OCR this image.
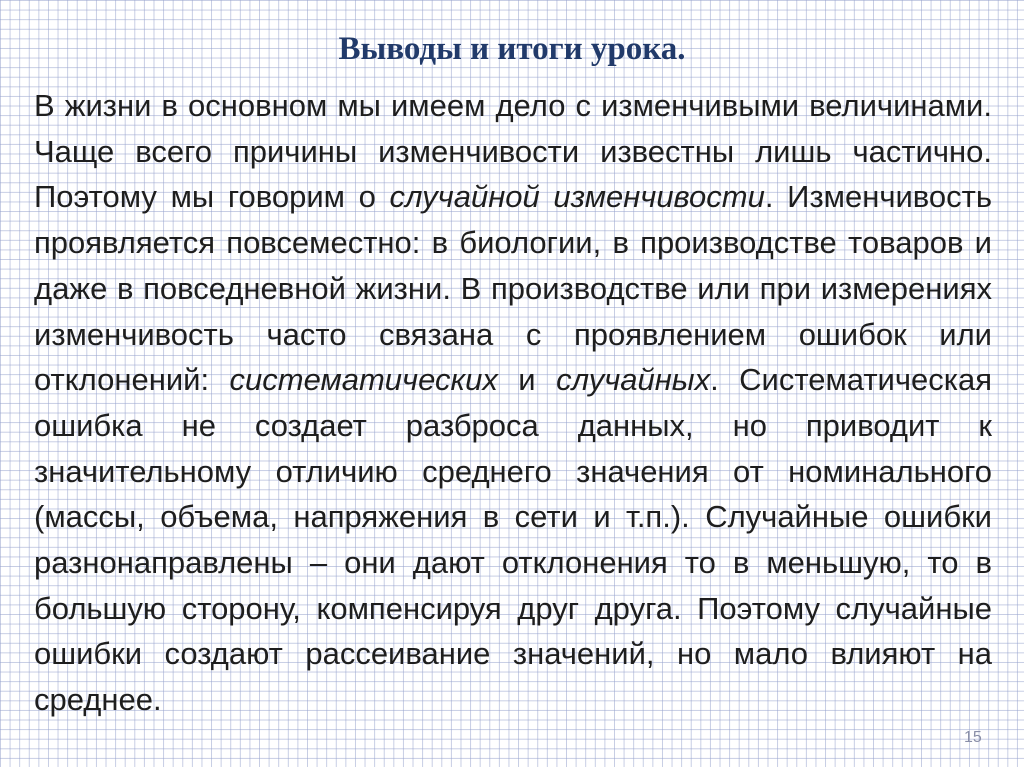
Выводы и итоги урока.

В жизни в основном мы имеем дело с изменчивыми величинами. Чаще всего причины изменчивости известны лишь частично. Поэтому мы говорим о случайной изменчивости. Изменчивость проявляется повсеместно: в биологии, в производстве товаров и даже в повседневной жизни. В производстве или при измерениях изменчивость часто связана с проявлением ошибок или отклонений: систематических и случайных. Систематическая ошибка не создает разброса данных, но приводит к значительному отличию среднего значения от номинального (массы, объема, напряжения в сети и т.п.). Случайные ошибки разнонаправлены – они дают отклонения то в меньшую, то в большую сторону, компенсируя друг друга. Поэтому случайные ошибки создают рассеивание значений, но мало влияют на среднее.

15
